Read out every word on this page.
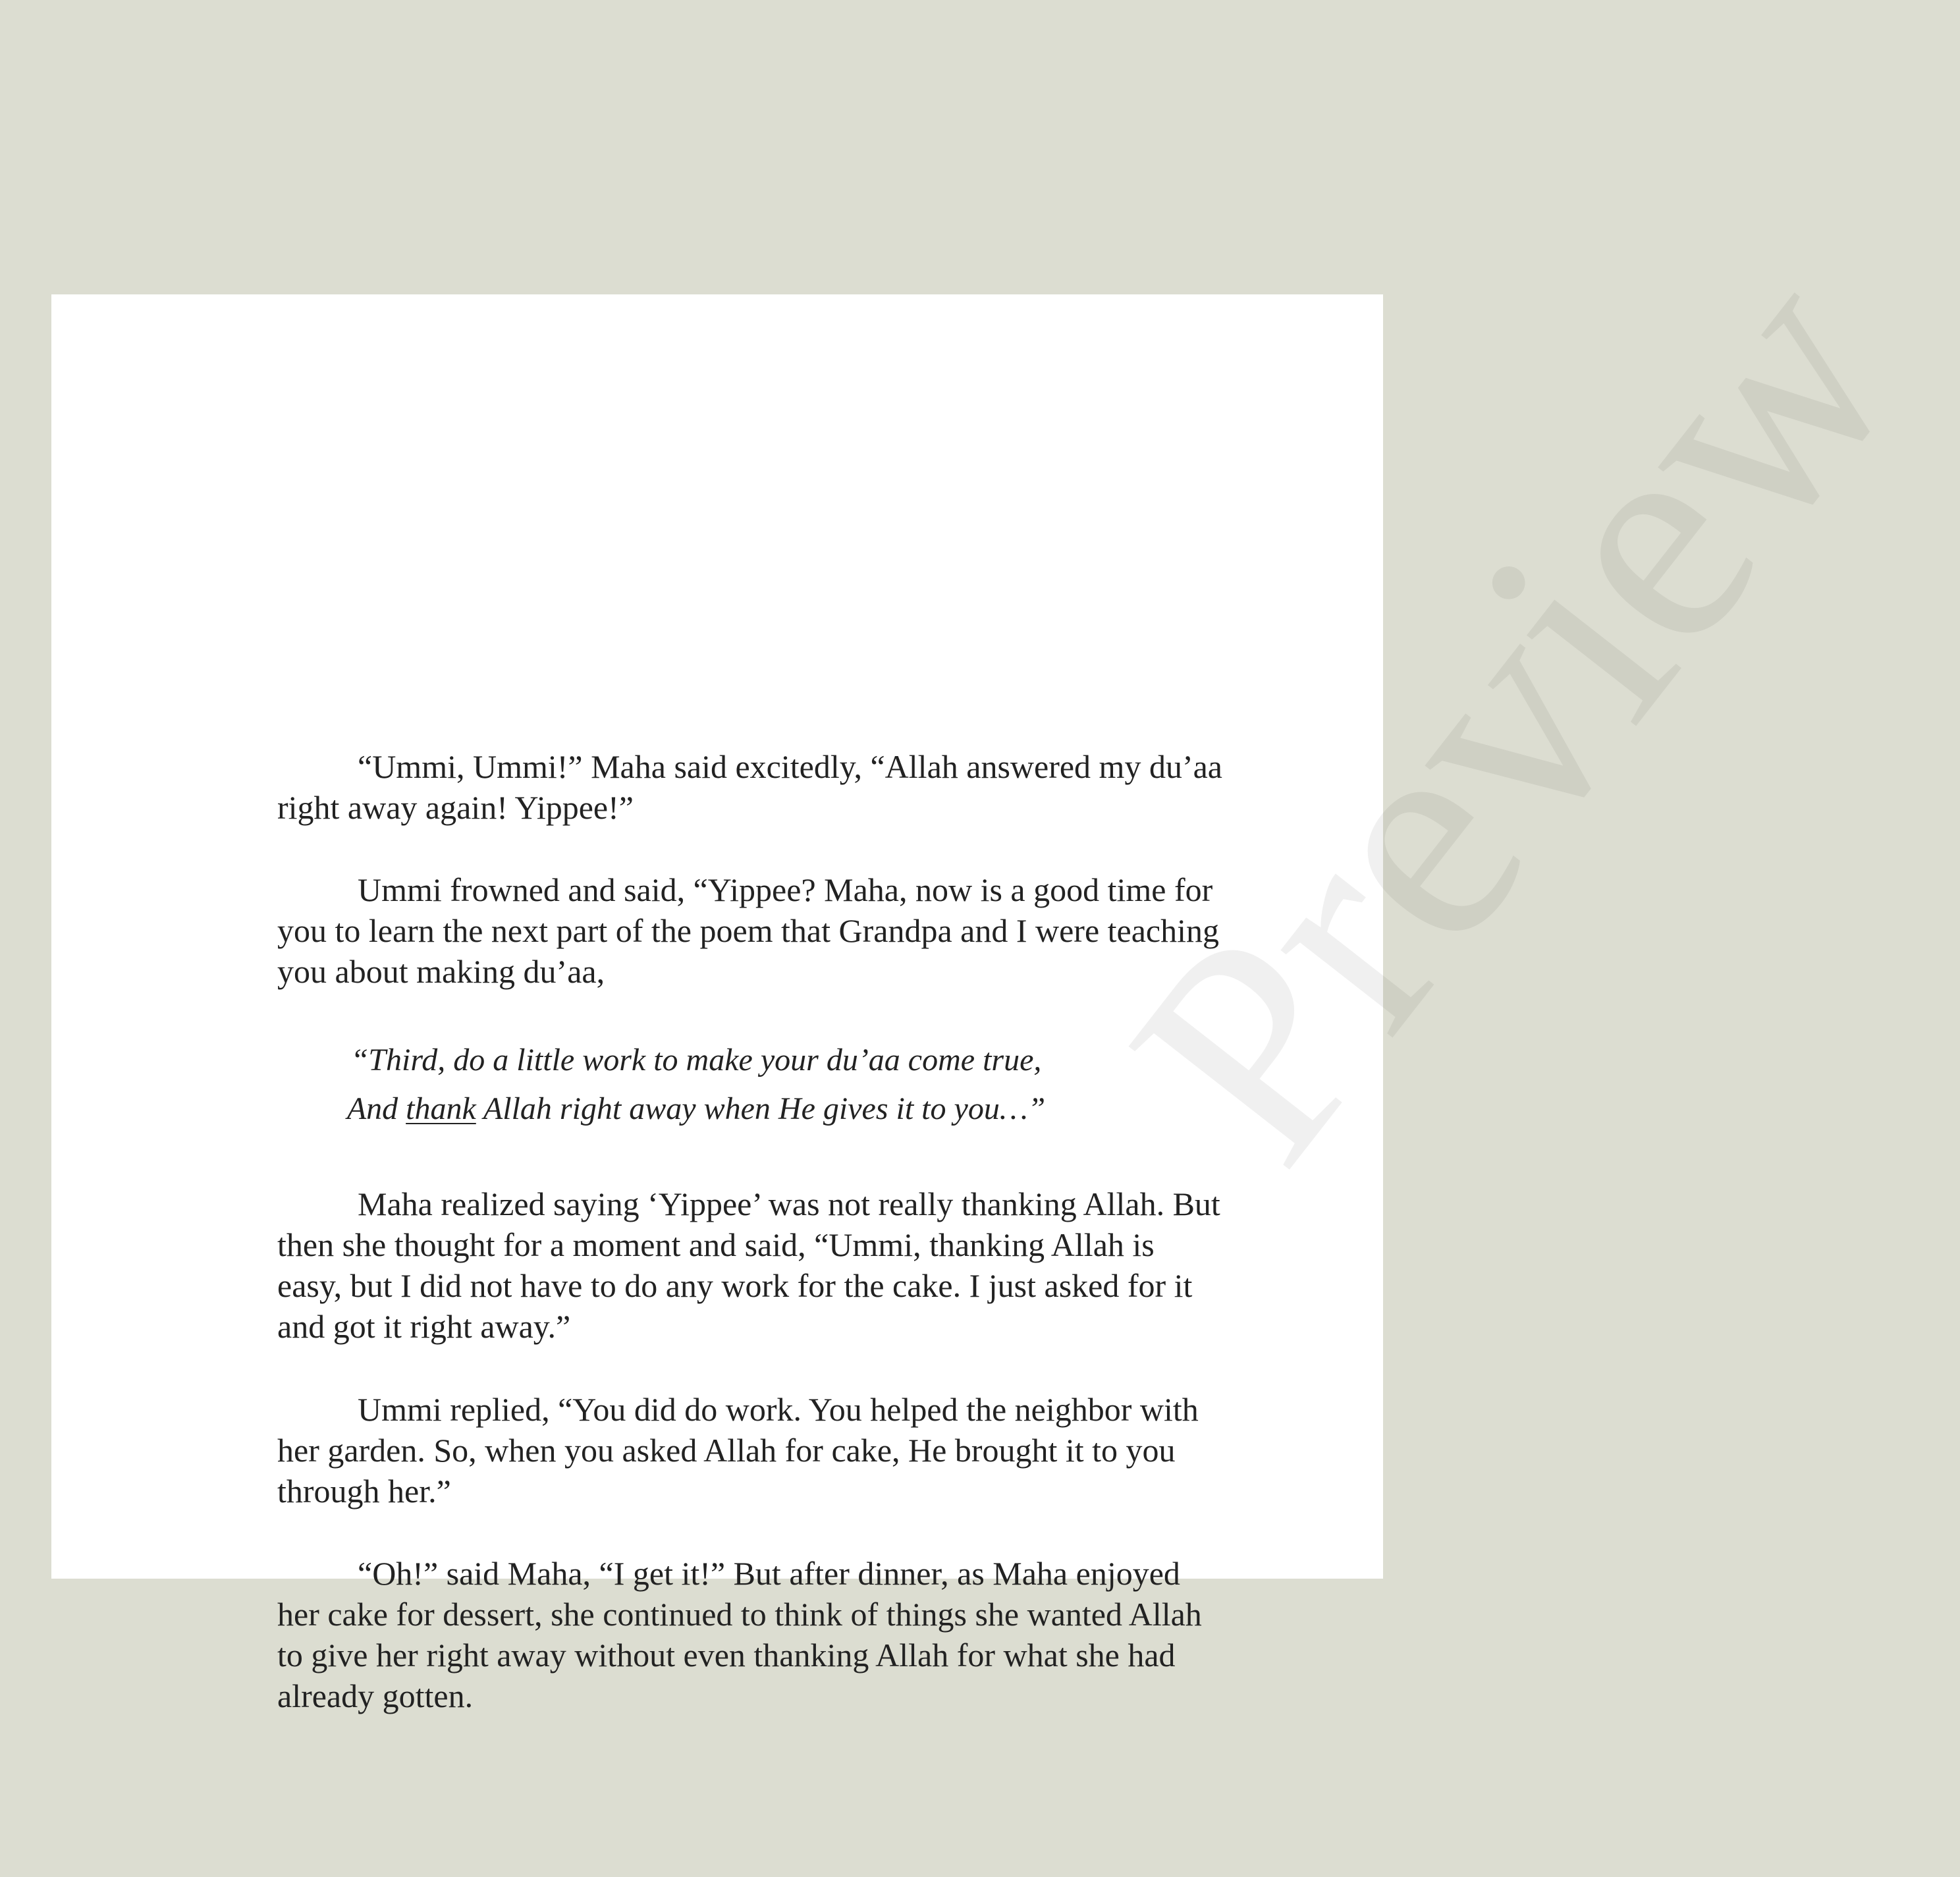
Preview

“Ummi, Ummi!” Maha said excitedly, “Allah answered my du’aa right away again! Yippee!”

Ummi frowned and said, “Yippee? Maha, now is a good time for you to learn the next part of the poem that Grandpa and I were teaching you about making du’aa,

“Third, do a little work to make your du’aa come true,
And thank Allah right away when He gives it to you…”

Maha realized saying ‘Yippee’ was not really thanking Allah. But then she thought for a moment and said, “Ummi, thanking Allah is easy, but I did not have to do any work for the cake. I just asked for it and got it right away.”

Ummi replied, “You did do work. You helped the neighbor with her garden. So, when you asked Allah for cake, He brought it to you through her.”

“Oh!” said Maha, “I get it!” But after dinner, as Maha enjoyed her cake for dessert, she continued to think of things she wanted Allah to give her right away without even thanking Allah for what she had already gotten.
